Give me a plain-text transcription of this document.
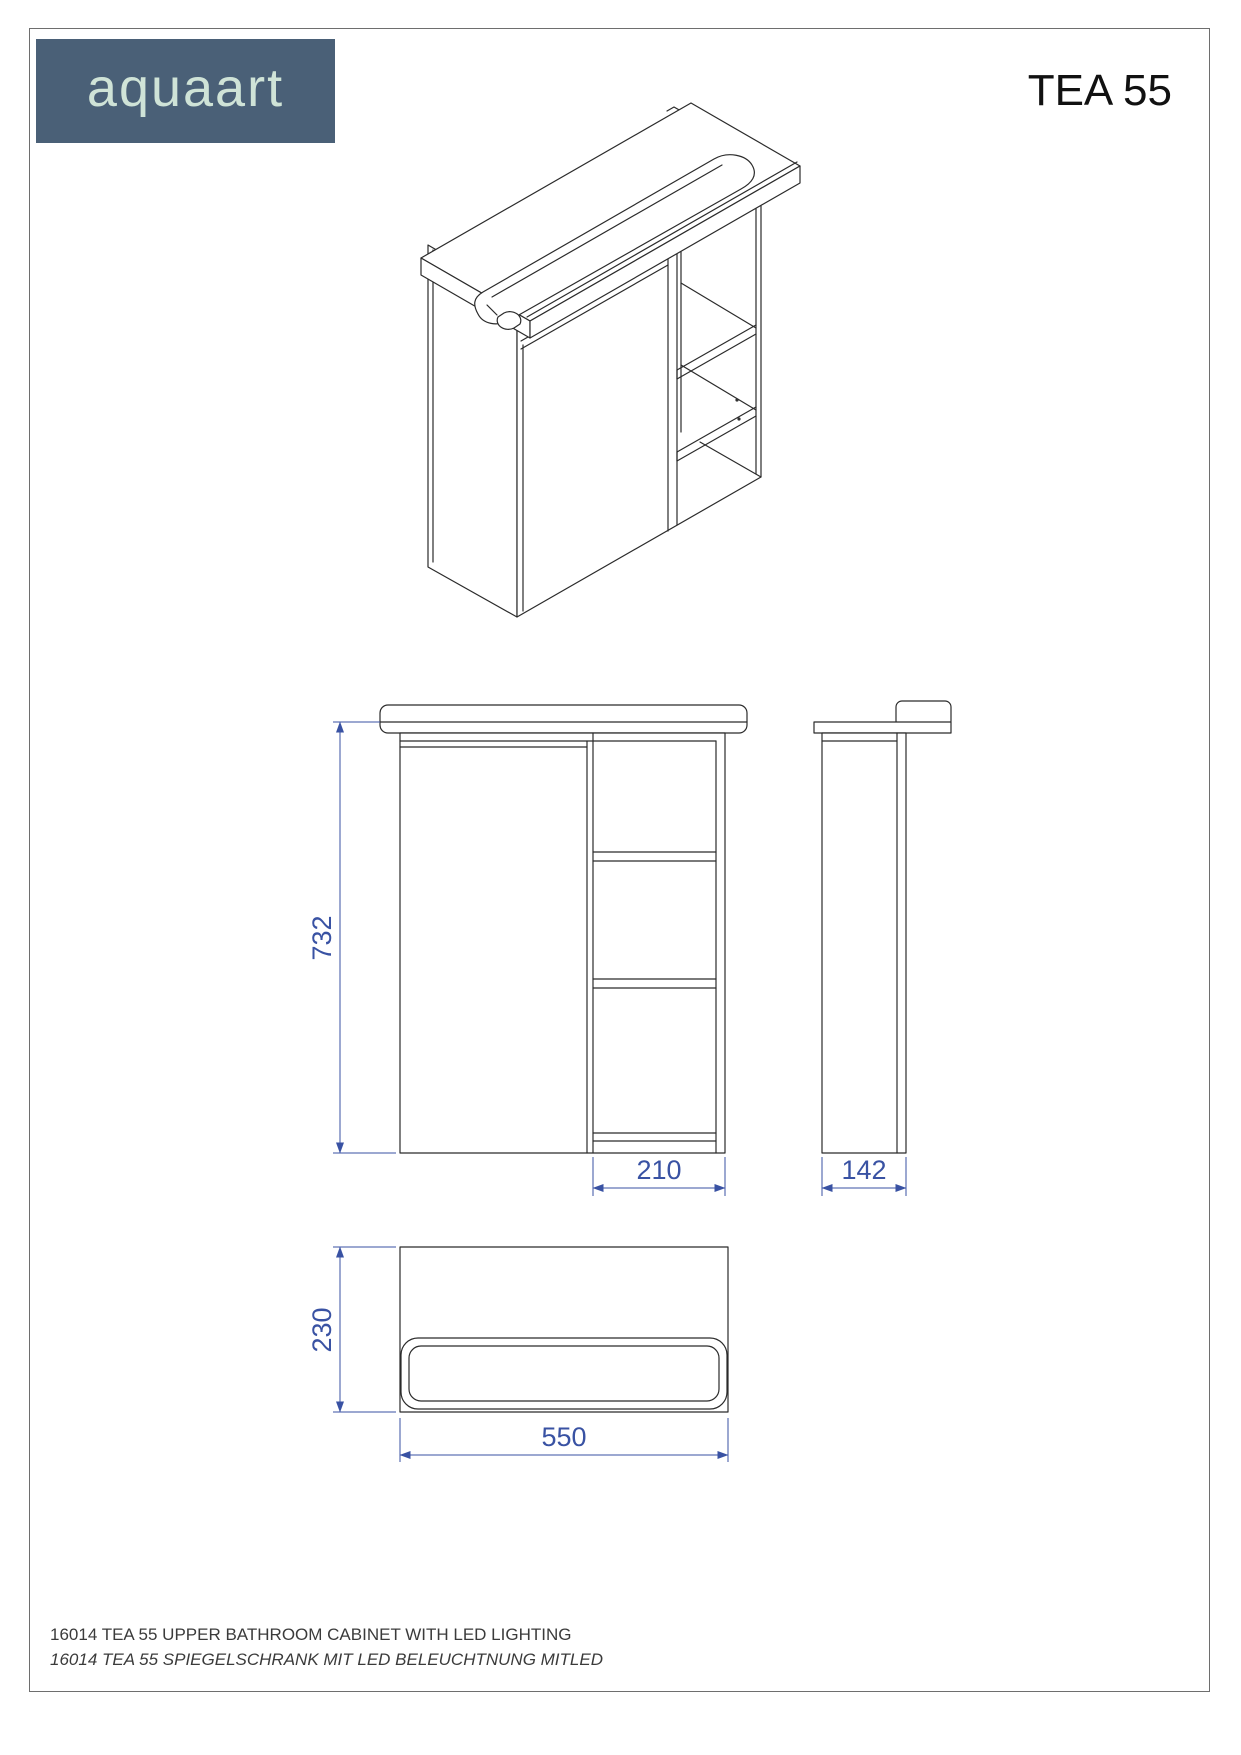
aquaart	TEA 55
732
210	142
230
550
16014 TEA 55 UPPER BATHROOM CABINET WITH LED LIGHTING
16014 TEA 55 SPIEGELSCHRANK MIT LED BELEUCHTNUNG MITLED
